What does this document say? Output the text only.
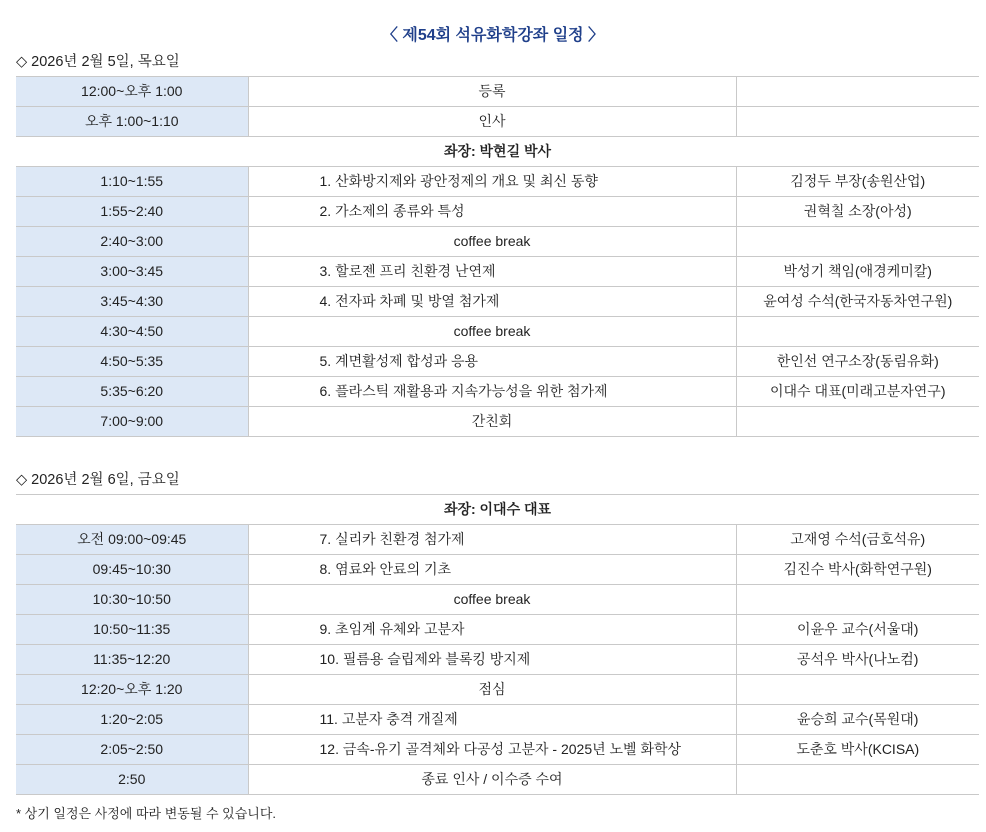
〈 제54회 석유화학강좌 일정 〉
◇ 2026년 2월 5일, 목요일
12:00~오후 1:00	등록	
오후 1:00~1:10	인사	
좌장: 박현길 박사		
1:10~1:55	1. 산화방지제와 광안정제의 개요 및 최신 동향	김정두 부장(송원산업)
1:55~2:40	2. 가소제의 종류와 특성	권혁칠 소장(아성)
2:40~3:00	coffee break	
3:00~3:45	3. 할로젠 프리 친환경 난연제	박성기 책임(애경케미칼)
3:45~4:30	4. 전자파 차폐 및 방열 첨가제	윤여성 수석(한국자동차연구원)
4:30~4:50	coffee break	
4:50~5:35	5. 계면활성제 합성과 응용	한인선 연구소장(동림유화)
5:35~6:20	6. 플라스틱 재활용과 지속가능성을 위한 첨가제	이대수 대표(미래고분자연구)
7:00~9:00	간친회	
◇ 2026년 2월 6일, 금요일
좌장: 이대수 대표		
오전 09:00~09:45	7. 실리카 친환경 첨가제	고재영 수석(금호석유)
09:45~10:30	8. 염료와 안료의 기초	김진수 박사(화학연구원)
10:30~10:50	coffee break	
10:50~11:35	9. 초임계 유체와 고분자	이윤우 교수(서울대)
11:35~12:20	10. 필름용 슬립제와 블록킹 방지제	공석우 박사(나노컴)
12:20~오후 1:20	점심	
1:20~2:05	11. 고분자 충격 개질제	윤승희 교수(목원대)
2:05~2:50	12. 금속-유기 골격체와 다공성 고분자 - 2025년 노벨 화학상	도춘호 박사(KCISA)
2:50	종료 인사 / 이수증 수여	
* 상기 일정은 사정에 따라 변동될 수 있습니다.
